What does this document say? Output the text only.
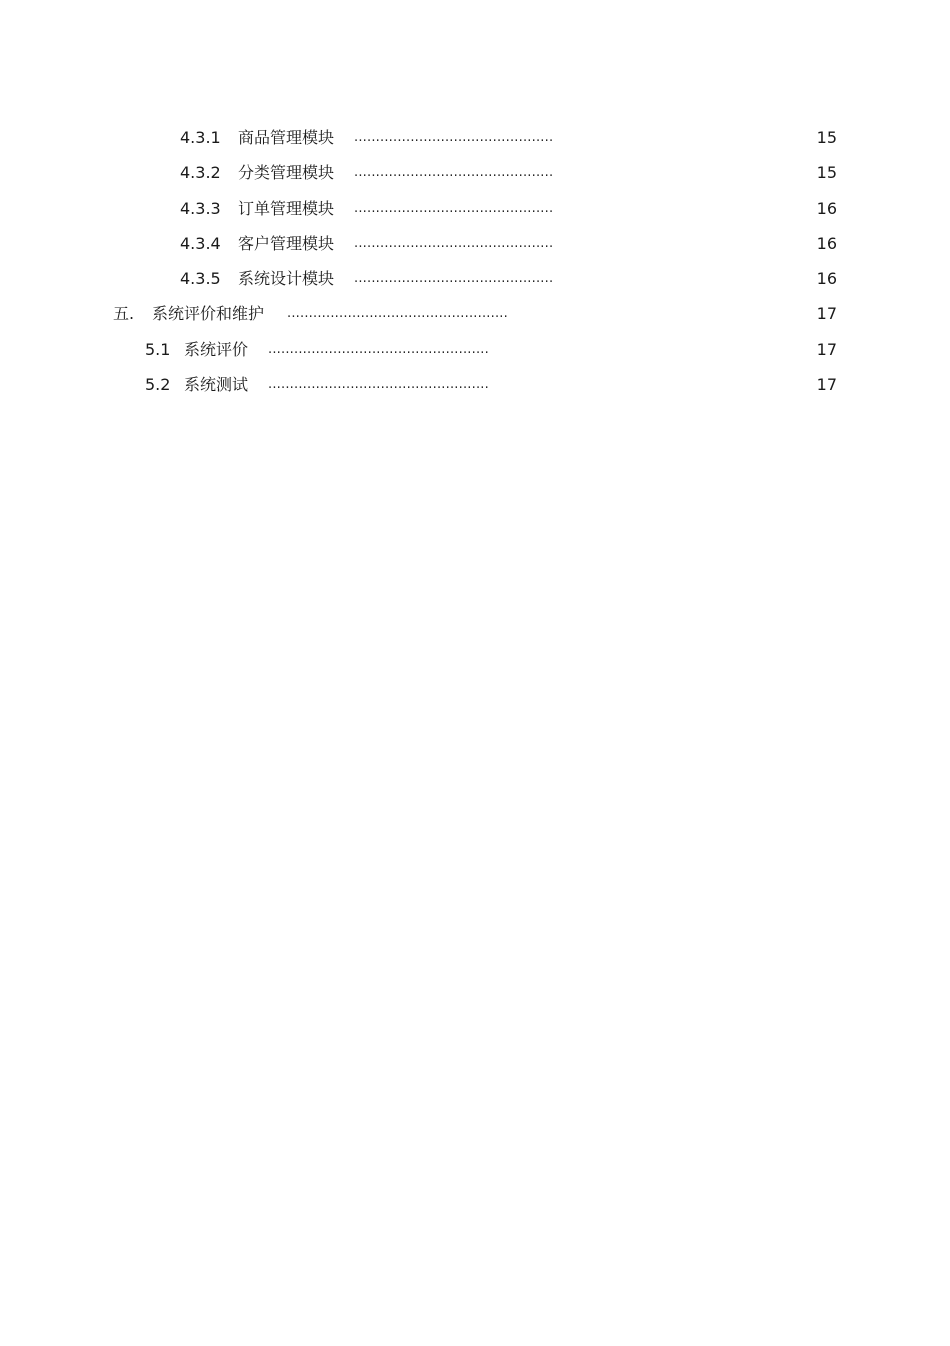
4.3.1 商品管理模块 ..............................................	15
4.3.2 分类管理模块 ..............................................	15
4.3.3 订单管理模块 ..............................................	16
4.3.4 客户管理模块 ..............................................	16
4.3.5 系统设计模块 ..............................................	16
五. 系统评价和维护 ...................................................	17
5.1 系统评价 ...................................................	17
5.2 系统测试 ...................................................	17
